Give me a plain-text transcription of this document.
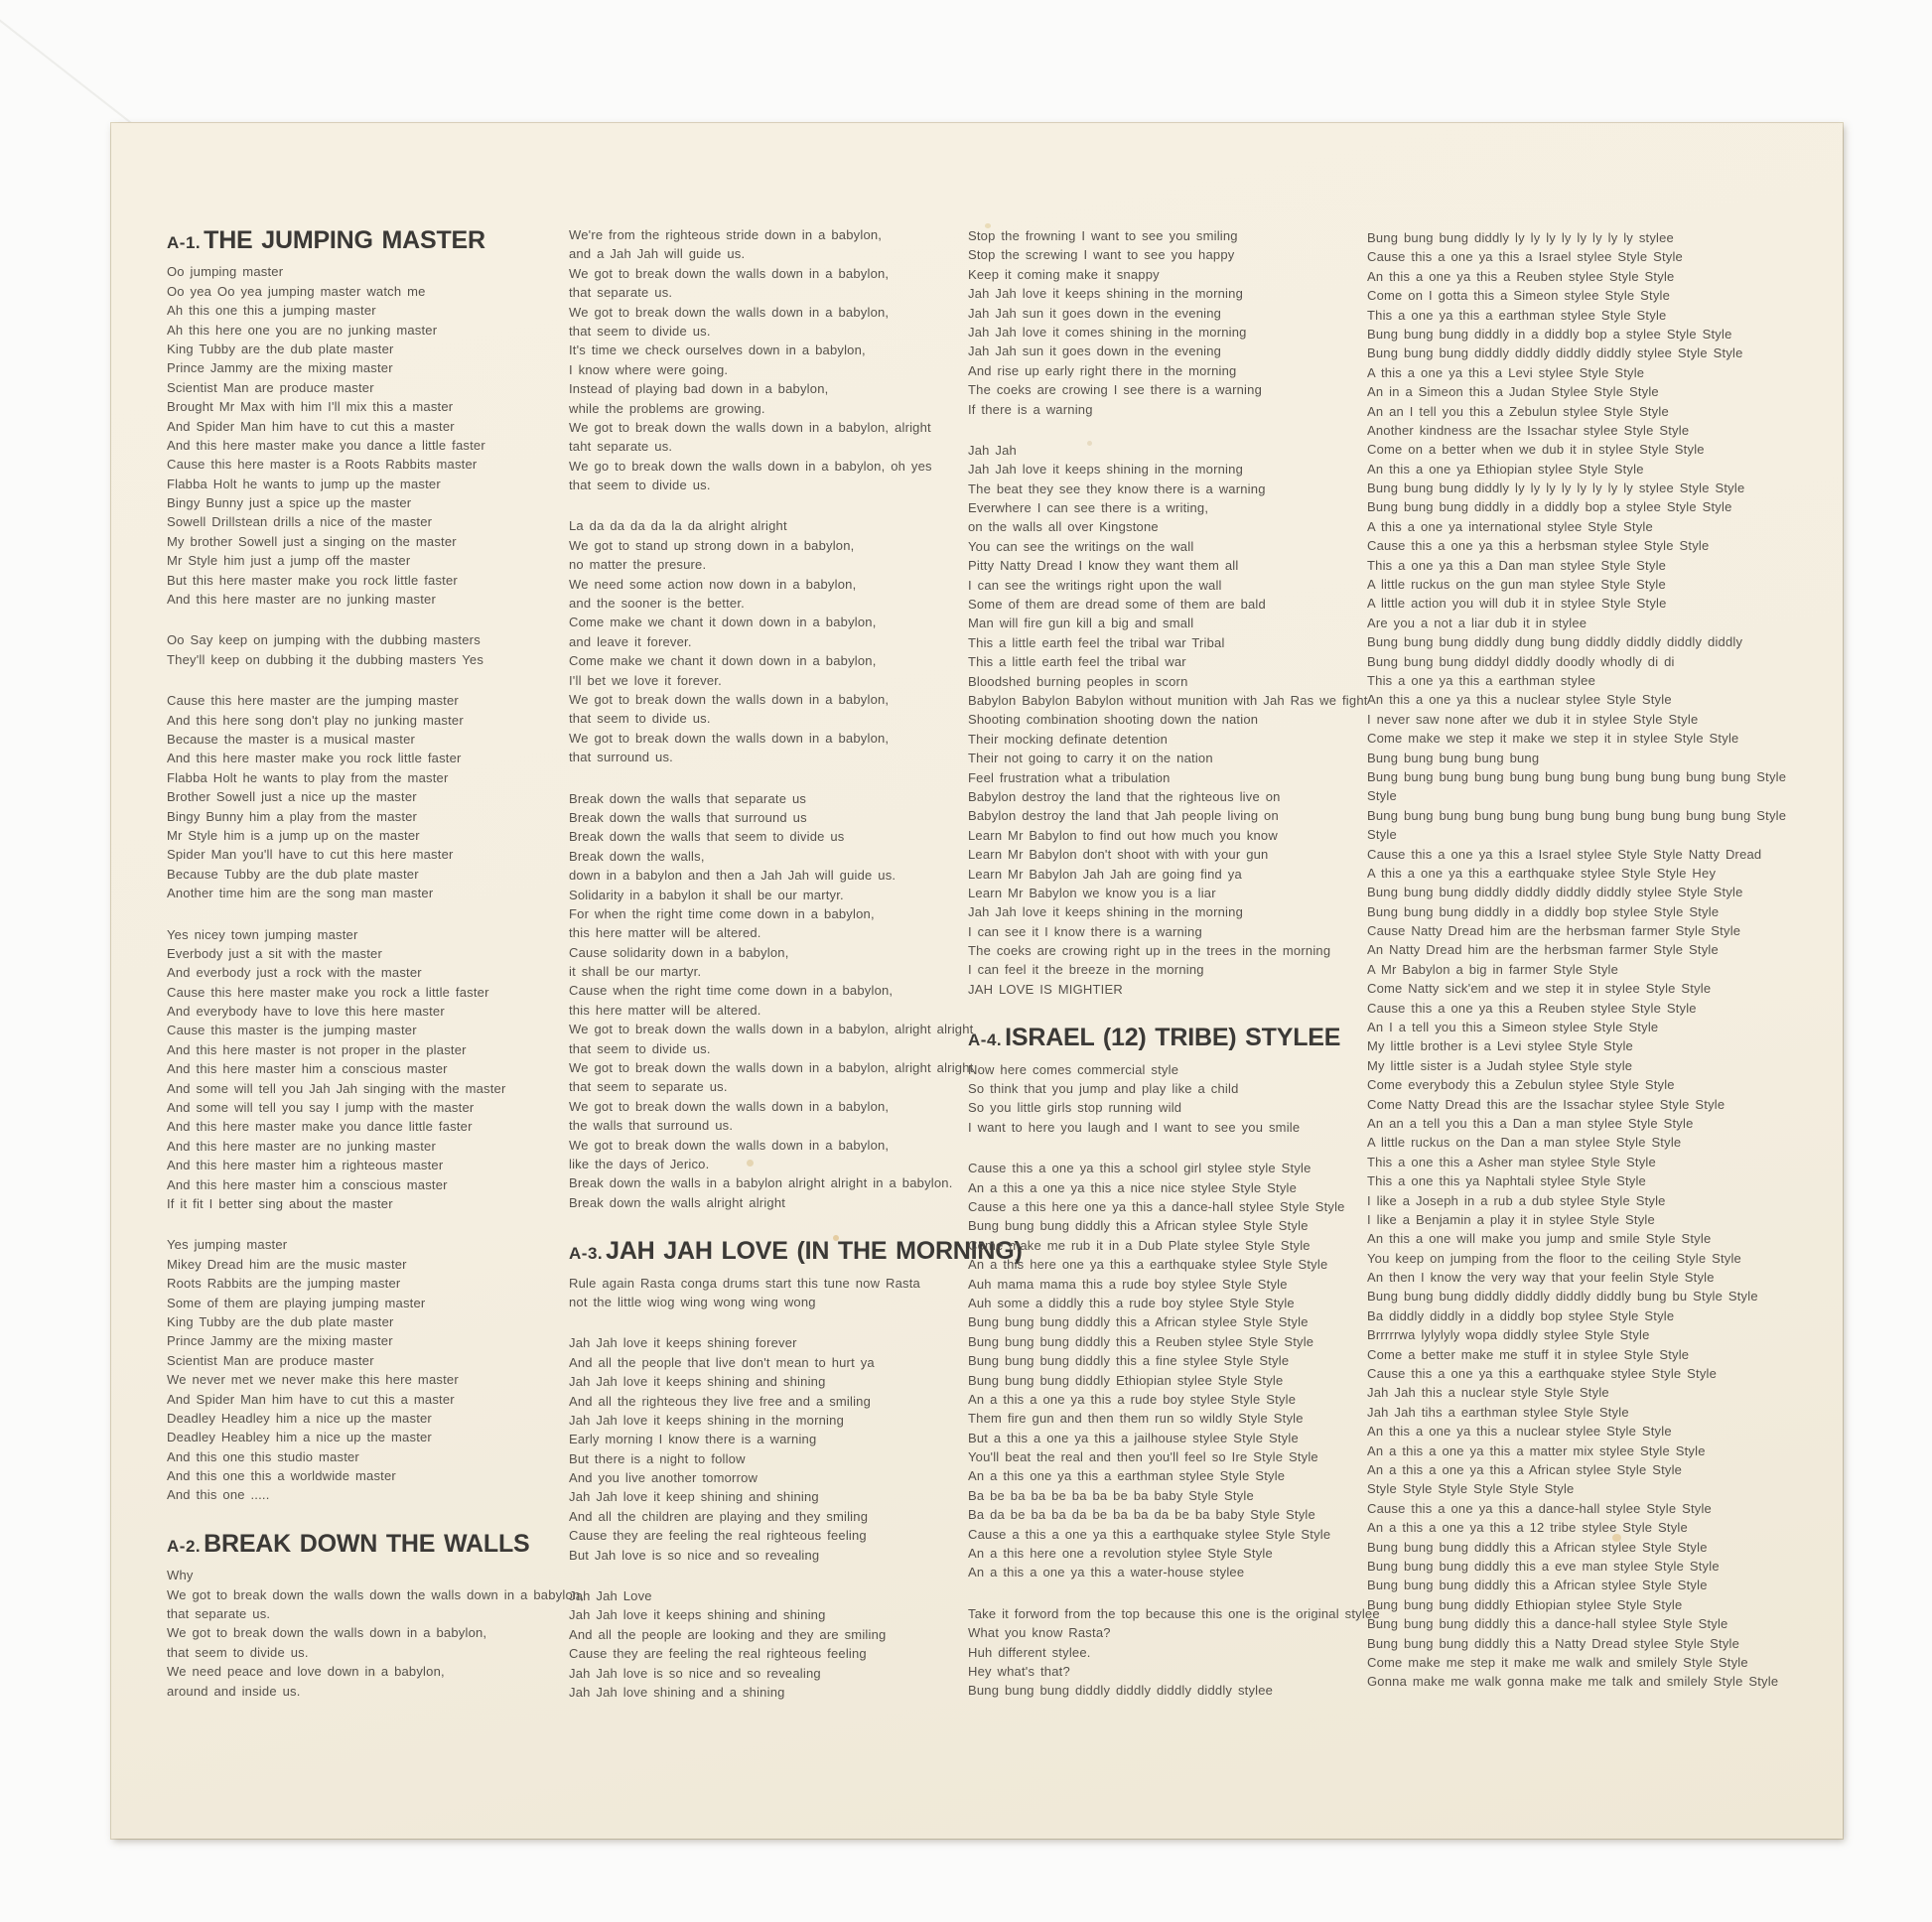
A-1. THE JUMPING MASTER
Oo jumping master
Oo yea Oo yea jumping master watch me
Ah this one this a jumping master
Ah this here one you are no junking master
King Tubby are the dub plate master
Prince Jammy are the mixing master
Scientist Man are produce master
Brought Mr Max with him I'll mix this a master
And Spider Man him have to cut this a master
And this here master make you dance a little faster
Cause this here master is a Roots Rabbits master
Flabba Holt he wants to jump up the master
Bingy Bunny just a spice up the master
Sowell Drillstean drills a nice of the master
My brother Sowell just a singing on the master
Mr Style him just a jump off the master
But this here master make you rock little faster
And this here master are no junking master
Oo Say keep on jumping with the dubbing masters
They'll keep on dubbing it the dubbing masters Yes
Cause this here master are the jumping master
And this here song don't play no junking master
Because the master is a musical master
And this here master make you rock little faster
Flabba Holt he wants to play from the master
Brother Sowell just a nice up the master
Bingy Bunny him a play from the master
Mr Style him is a jump up on the master
Spider Man you'll have to cut this here master
Because Tubby are the dub plate master
Another time him are the song man master
Yes nicey town jumping master
Everbody just a sit with the master
And everbody just a rock with the master
Cause this here master make you rock a little faster
And everybody have to love this here master
Cause this master is the jumping master
And this here master is not proper in the plaster
And this here master him a conscious master
And some will tell you Jah Jah singing with the master
And some will tell you say I jump with the master
And this here master make you dance little faster
And this here master are no junking master
And this here master him a righteous master
And this here master him a conscious master
If it fit I better sing about the master
Yes jumping master
Mikey Dread him are the music master
Roots Rabbits are the jumping master
Some of them are playing jumping master
King Tubby are the dub plate master
Prince Jammy are the mixing master
Scientist Man are produce master
We never met we never make this here master
And Spider Man him have to cut this a master
Deadley Headley him a nice up the master
Deadley Heabley him a nice up the master
And this one this studio master
And this one this a worldwide master
And this one .....
A-2. BREAK DOWN THE WALLS
Why
We got to break down the walls down the walls down in a babylon,
that separate us.
We got to break down the walls down in a babylon,
that seem to divide us.
We need peace and love down in a babylon,
around and inside us.
We're from the righteous stride down in a babylon,
and a Jah Jah will guide us.
We got to break down the walls down in a babylon,
that separate us.
We got to break down the walls down in a babylon,
that seem to divide us.
It's time we check ourselves down in a babylon,
I know where were going.
Instead of playing bad down in a babylon,
while the problems are growing.
We got to break down the walls down in a babylon, alright
taht separate us.
We go to break down the walls down in a babylon, oh yes
that seem to divide us.
La da da da da la da alright alright
We got to stand up strong down in a babylon,
no matter the presure.
We need some action now down in a babylon,
and the sooner is the better.
Come make we chant it down down in a babylon,
and leave it forever.
Come make we chant it down down in a babylon,
I'll bet we love it forever.
We got to break down the walls down in a babylon,
that seem to divide us.
We got to break down the walls down in a babylon,
that surround us.
Break down the walls that separate us
Break down the walls that surround us
Break down the walls that seem to divide us
Break down the walls,
down in a babylon and then a Jah Jah will guide us.
Solidarity in a babylon it shall be our martyr.
For when the right time come down in a babylon,
this here matter will be altered.
Cause solidarity down in a babylon,
it shall be our martyr.
Cause when the right time come down in a babylon,
this here matter will be altered.
We got to break down the walls down in a babylon, alright alright
that seem to divide us.
We got to break down the walls down in a babylon, alright alright
that seem to separate us.
We got to break down the walls down in a babylon,
the walls that surround us.
We got to break down the walls down in a babylon,
like the days of Jerico.
Break down the walls in a babylon alright alright in a babylon.
Break down the walls alright alright
A-3. JAH JAH LOVE (IN THE MORNING)
Rule again Rasta conga drums start this tune now Rasta
not the little wiog wing wong wing wong
Jah Jah love it keeps shining forever
And all the people that live don't mean to hurt ya
Jah Jah love it keeps shining and shining
And all the righteous they live free and a smiling
Jah Jah love it keeps shining in the morning
Early morning I know there is a warning
But there is a night to follow
And you live another tomorrow
Jah Jah love it keep shining and shining
And all the children are playing and they smiling
Cause they are feeling the real righteous feeling
But Jah love is so nice and so revealing
Jah Jah Love
Jah Jah love it keeps shining and shining
And all the people are looking and they are smiling
Cause they are feeling the real righteous feeling
Jah Jah love is so nice and so revealing
Jah Jah love shining and a shining
Stop the frowning I want to see you smiling
Stop the screwing I want to see you happy
Keep it coming make it snappy
Jah Jah love it keeps shining in the morning
Jah Jah sun it goes down in the evening
Jah Jah love it comes shining in the morning
Jah Jah sun it goes down in the evening
And rise up early right there in the morning
The coeks are crowing I see there is a warning
If there is a warning
Jah Jah
Jah Jah love it keeps shining in the morning
The beat they see they know there is a warning
Everwhere I can see there is a writing,
on the walls all over Kingstone
You can see the writings on the wall
Pitty Natty Dread I know they want them all
I can see the writings right upon the wall
Some of them are dread some of them are bald
Man will fire gun kill a big and small
This a little earth feel the tribal war Tribal
This a little earth feel the tribal war
Bloodshed burning peoples in scorn
Babylon Babylon Babylon without munition with Jah Ras we fight
Shooting combination shooting down the nation
Their mocking definate detention
Their not going to carry it on the nation
Feel frustration what a tribulation
Babylon destroy the land that the righteous live on
Babylon destroy the land that Jah people living on
Learn Mr Babylon to find out how much you know
Learn Mr Babylon don't shoot with with your gun
Learn Mr Babylon Jah Jah are going find ya
Learn Mr Babylon we know you is a liar
Jah Jah love it keeps shining in the morning
I can see it I know there is a warning
The coeks are crowing right up in the trees in the morning
I can feel it the breeze in the morning
JAH LOVE IS MIGHTIER
A-4. ISRAEL (12) TRIBE) STYLEE
Now here comes commercial style
So think that you jump and play like a child
So you little girls stop running wild
I want to here you laugh and I want to see you smile
Cause this a one ya this a school girl stylee style Style
An a this a one ya this a nice nice stylee Style Style
Cause a this here one ya this a dance-hall stylee Style Style
Bung bung bung diddly this a African stylee Style Style
Come make me rub it in a Dub Plate stylee Style Style
An a this here one ya this a earthquake stylee Style Style
Auh mama mama this a rude boy stylee Style Style
Auh some a diddly this a rude boy stylee Style Style
Bung bung bung diddly this a African stylee Style Style
Bung bung bung diddly this a Reuben stylee Style Style
Bung bung bung diddly this a fine stylee Style Style
Bung bung bung diddly Ethiopian stylee Style Style
An a this a one ya this a rude boy stylee Style Style
Them fire gun and then them run so wildly Style Style
But a this a one ya this a jailhouse stylee Style Style
You'll beat the real and then you'll feel so Ire Style Style
An a this one ya this a earthman stylee Style Style
Ba be ba ba be ba ba be ba baby Style Style
Ba da be ba ba da be ba ba da be ba baby Style Style
Cause a this a one ya this a earthquake stylee Style Style
An a this here one a revolution stylee Style Style
An a this a one ya this a water-house stylee
Take it forword from the top because this one is the original stylee
What you know Rasta?
Huh different stylee.
Hey what's that?
Bung bung bung diddly diddly diddly diddly stylee
Bung bung bung diddly ly ly ly ly ly ly ly ly stylee
Cause this a one ya this a Israel stylee Style Style
An this a one ya this a Reuben stylee Style Style
Come on I gotta this a Simeon stylee Style Style
This a one ya this a earthman stylee Style Style
Bung bung bung diddly in a diddly bop a stylee Style Style
Bung bung bung diddly diddly diddly diddly stylee Style Style
A this a one ya this a Levi stylee Style Style
An in a Simeon this a Judan Stylee Style Style
An an I tell you this a Zebulun stylee Style Style
Another kindness are the Issachar stylee Style Style
Come on a better when we dub it in stylee Style Style
An this a one ya Ethiopian stylee Style Style
Bung bung bung diddly ly ly ly ly ly ly ly ly stylee Style Style
Bung bung bung diddly in a diddly bop a stylee Style Style
A this a one ya international stylee Style Style
Cause this a one ya this a herbsman stylee Style Style
This a one ya this a Dan man stylee Style Style
A little ruckus on the gun man stylee Style Style
A little action you will dub it in stylee Style Style
Are you a not a liar dub it in stylee
Bung bung bung diddly dung bung diddly diddly diddly diddly
Bung bung bung diddyl diddly doodly whodly di di
This a one ya this a earthman stylee
An this a one ya this a nuclear stylee Style Style
I never saw none after we dub it in stylee Style Style
Come make we step it make we step it in stylee Style Style
Bung bung bung bung bung
Bung bung bung bung bung bung bung bung bung bung bung Style
Style
Bung bung bung bung bung bung bung bung bung bung bung Style
Style
Cause this a one ya this a Israel stylee Style Style Natty Dread
A this a one ya this a earthquake stylee Style Style Hey
Bung bung bung diddly diddly diddly diddly stylee Style Style
Bung bung bung diddly in a diddly bop stylee Style Style
Cause Natty Dread him are the herbsman farmer Style Style
An Natty Dread him are the herbsman farmer Style Style
A Mr Babylon a big in farmer Style Style
Come Natty sick'em and we step it in stylee Style Style
Cause this a one ya this a Reuben stylee Style Style
An I a tell you this a Simeon stylee Style Style
My little brother is a Levi stylee Style Style
My little sister is a Judah stylee Style style
Come everybody this a Zebulun stylee Style Style
Come Natty Dread this are the Issachar stylee Style Style
An an a tell you this a Dan a man stylee Style Style
A little ruckus on the Dan a man stylee Style Style
This a one this a Asher man stylee Style Style
This a one this ya Naphtali stylee Style Style
I like a Joseph in a rub a dub stylee Style Style
I like a Benjamin a play it in stylee Style Style
An this a one will make you jump and smile Style Style
You keep on jumping from the floor to the ceiling Style Style
An then I know the very way that your feelin Style Style
Bung bung bung diddly diddly diddly diddly bung bu Style Style
Ba diddly diddly in a diddly bop stylee Style Style
Brrrrrwa lylylyly wopa diddly stylee Style Style
Come a better make me stuff it in stylee Style Style
Cause this a one ya this a earthquake stylee Style Style
Jah Jah this a nuclear style Style Style
Jah Jah tihs a earthman stylee Style Style
An this a one ya this a nuclear stylee Style Style
An a this a one ya this a matter mix stylee Style Style
An a this a one ya this a African stylee Style Style
Style Style Style Style Style Style
Cause this a one ya this a dance-hall stylee Style Style
An a this a one ya this a 12 tribe stylee Style Style
Bung bung bung diddly this a African stylee Style Style
Bung bung bung diddly this a eve man stylee Style Style
Bung bung bung diddly this a African stylee Style Style
Bung bung bung diddly Ethiopian stylee Style Style
Bung bung bung diddly this a dance-hall stylee Style Style
Bung bung bung diddly this a Natty Dread stylee Style Style
Come make me step it make me walk and smilely Style Style
Gonna make me walk gonna make me talk and smilely Style Style
